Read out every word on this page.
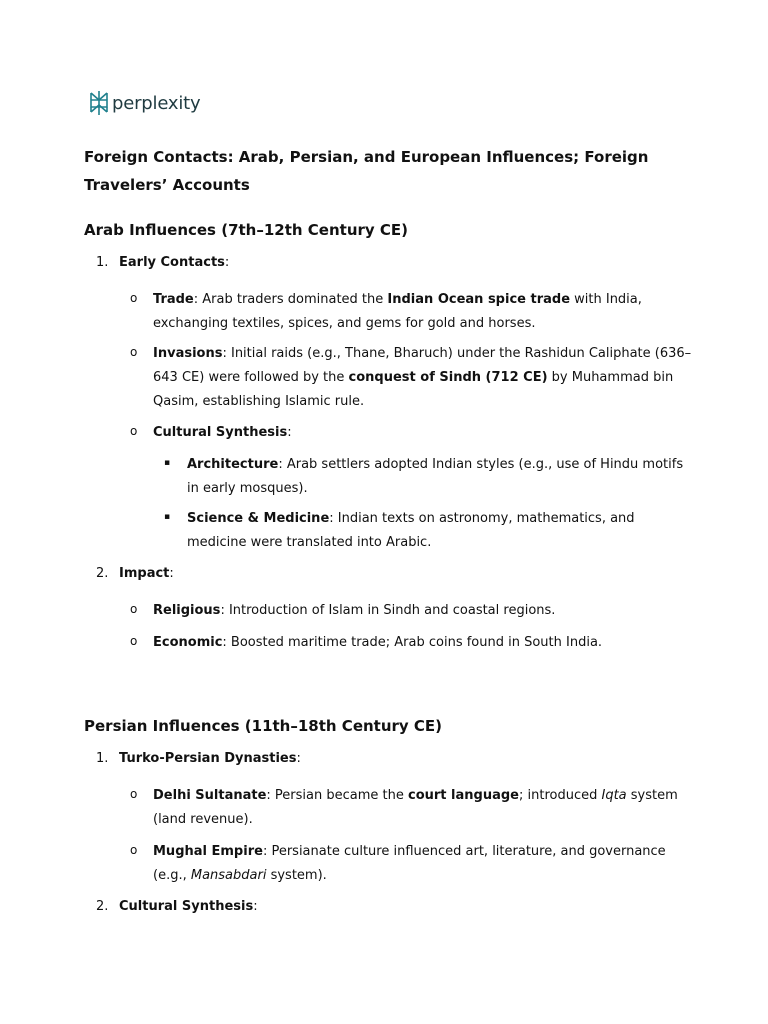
perplexity
Foreign Contacts: Arab, Persian, and European Influences; Foreign Travelers’ Accounts
Arab Influences (7th–12th Century CE)
1. Early Contacts:
o Trade: Arab traders dominated the Indian Ocean spice trade with India, exchanging textiles, spices, and gems for gold and horses.
o Invasions: Initial raids (e.g., Thane, Bharuch) under the Rashidun Caliphate (636–643 CE) were followed by the conquest of Sindh (712 CE) by Muhammad bin Qasim, establishing Islamic rule.
o Cultural Synthesis:
▪ Architecture: Arab settlers adopted Indian styles (e.g., use of Hindu motifs in early mosques).
▪ Science & Medicine: Indian texts on astronomy, mathematics, and medicine were translated into Arabic.
2. Impact:
o Religious: Introduction of Islam in Sindh and coastal regions.
o Economic: Boosted maritime trade; Arab coins found in South India.
Persian Influences (11th–18th Century CE)
1. Turko-Persian Dynasties:
o Delhi Sultanate: Persian became the court language; introduced Iqta system (land revenue).
o Mughal Empire: Persianate culture influenced art, literature, and governance (e.g., Mansabdari system).
2. Cultural Synthesis:
